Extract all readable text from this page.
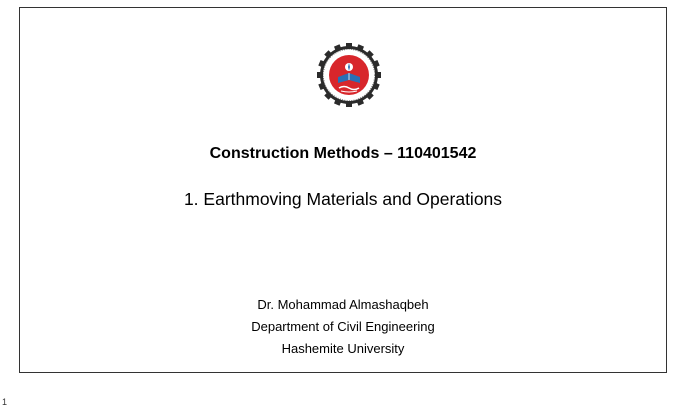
Construction Methods – 110401542
1. Earthmoving Materials and Operations
Dr. Mohammad Almashaqbeh
Department of Civil Engineering
Hashemite University
1
